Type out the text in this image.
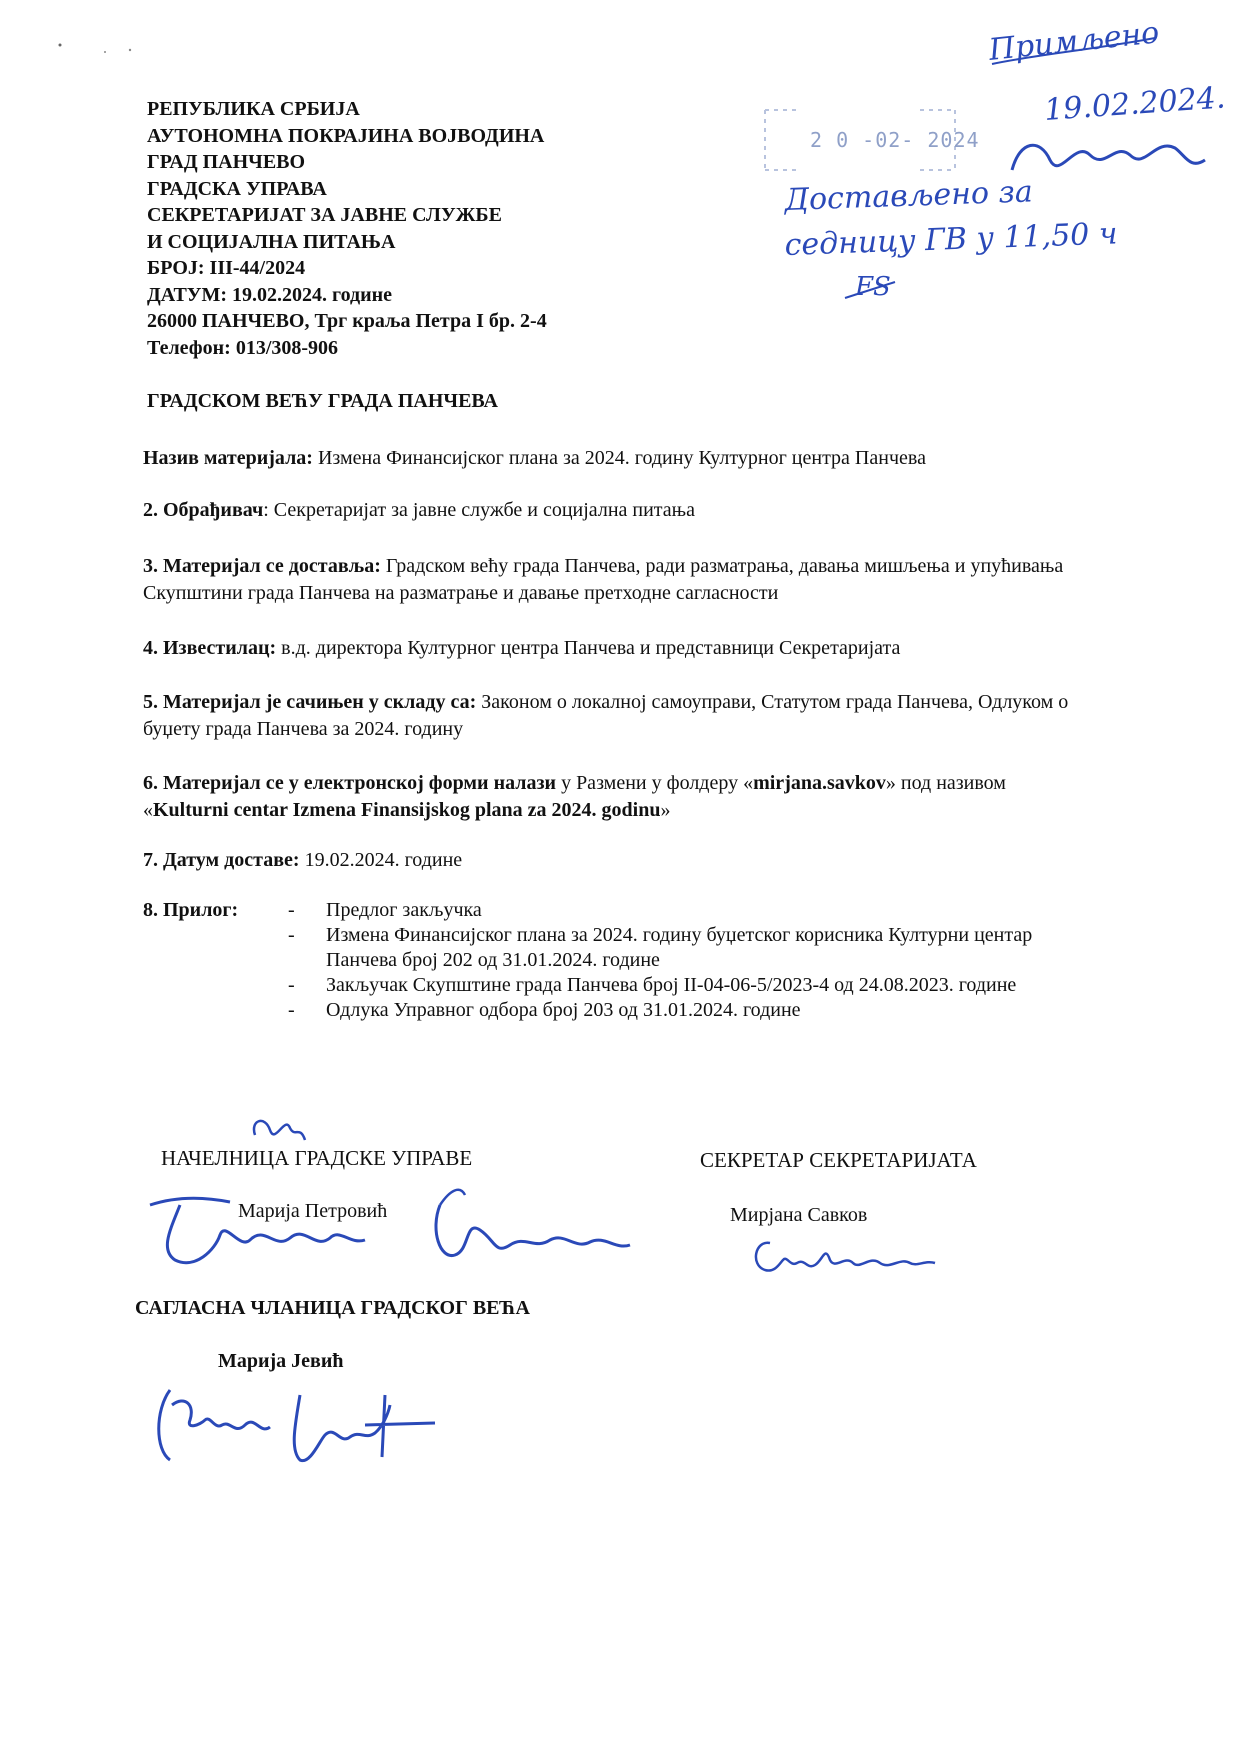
РЕПУБЛИКА СРБИЈА
АУТОНОМНА ПОКРАЈИНА ВОЈВОДИНА
ГРАД ПАНЧЕВО
ГРАДСКА УПРАВА
СЕКРЕТАРИЈАТ ЗА ЈАВНЕ СЛУЖБЕ
И СОЦИЈАЛНА ПИТАЊА
БРОЈ: III-44/2024
ДАТУМ: 19.02.2024. године
26000 ПАНЧЕВО, Трг краља Петра I бр. 2-4
Телефон: 013/308-906
ГРАДСКОМ ВЕЋУ ГРАДА ПАНЧЕВА
Назив материјала: Измена Финансијског плана за 2024. годину Културног центра Панчева
2. Обрађивач: Секретаријат за јавне службе и социјална питања
3. Материјал се доставља: Градском већу града Панчева, ради разматрања, давања мишљења и упућивања Скупштини града Панчева на разматрање и давање претходне сагласности
4. Известилац: в.д. директора Културног центра Панчева и представници Секретаријата
5. Материјал је сачињен у складу са: Законом о локалној самоуправи, Статутом града Панчева, Одлуком о буџету града Панчева за 2024. годину
6. Материјал се у електронској форми налази у Размени у фолдеру «mirjana.savkov» под називом «Kulturni centar Izmena Finansijskog plana za 2024. godinu»
7. Датум доставе: 19.02.2024. године
8. Прилог:	- Предлог закључка
- Измена Финансијског плана за 2024. годину буџетског корисника Културни центар Панчева број 202 од 31.01.2024. године
- Закључак Скупштине града Панчева број II-04-06-5/2023-4 од 24.08.2023. године
- Одлука Управног одбора број 203 од 31.01.2024. године
НАЧЕЛНИЦА ГРАДСКЕ УПРАВЕ
Марија Петровић
СЕКРЕТАР СЕКРЕТАРИЈАТА
Мирјана Савков
САГЛАСНА ЧЛАНИЦА ГРАДСКОГ ВЕЋА
Марија Јевић
2 0 -02- 2024
Примљено
19.02.2024.
Достављено за
седницу ГВ у 11,50 ч
FS
